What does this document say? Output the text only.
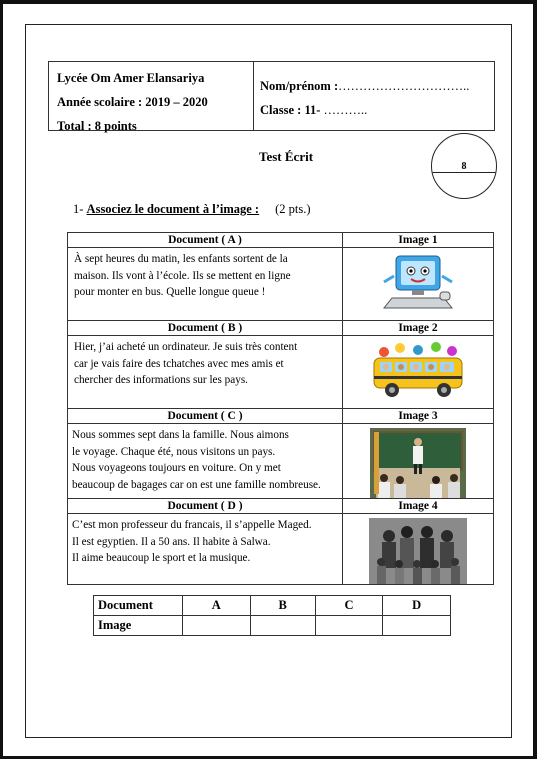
Lycée Om Amer Elansariya
Année scolaire : 2019 – 2020
Total : 8 points
Nom/prénom :…………………………..
Classe : 11- ………..
Test Écrit
8
1- Associez le document à l’image : (2 pts.)
Document ( A )	Image 1

À sept heures du matin, les enfants sortent de la
maison. Ils vont à l’école. Ils se mettent en ligne
pour monter en bus. Quelle longue queue !

Document ( B )	Image 2

Hier, j’ai acheté un ordinateur. Je suis très content
car je vais faire des tchatches avec mes amis et
chercher des informations sur les pays.

Document ( C )	Image 3

Nous sommes sept dans la famille. Nous aimons
le voyage. Chaque été, nous visitons un pays.
Nous voyageons toujours en voiture. On y met
beaucoup de bagages car on est une famille nombreuse.

Document ( D )	Image 4

C’est mon professeur du francais, il s’appelle Maged.
Il est egyptien. Il a 50 ans. Il habite à Salwa.
Il aime beaucoup le sport et la musique.

Document	A	B	C	D
Image				
